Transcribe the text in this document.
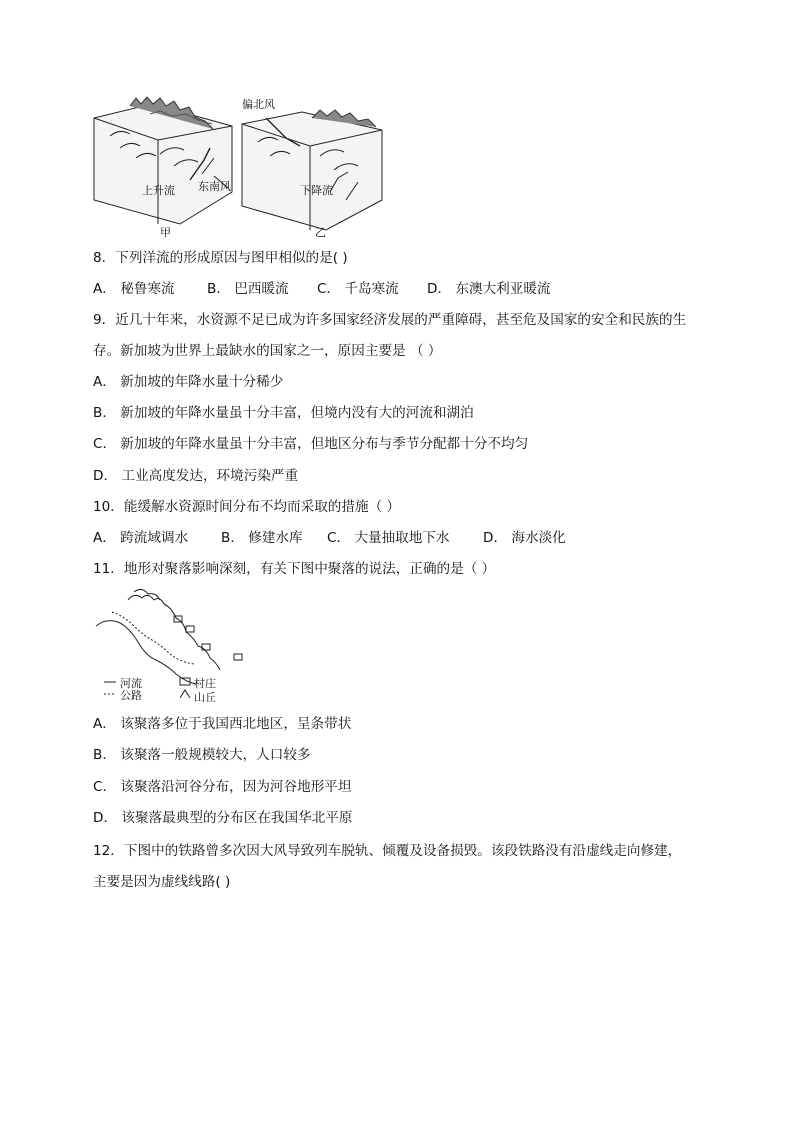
上升流 东南风
甲
偏北风
下降流
乙
8．下列洋流的形成原因与图甲相似的是( )
A． 秘鲁寒流 B． 巴西暖流 C． 千岛寒流 D． 东澳大利亚暖流
9．近几十年来，水资源不足已成为许多国家经济发展的严重障碍，甚至危及国家的安全和民族的生
存。新加坡为世界上最缺水的国家之一，原因主要是 （ ）
A． 新加坡的年降水量十分稀少
B． 新加坡的年降水量虽十分丰富，但境内没有大的河流和湖泊
C． 新加坡的年降水量虽十分丰富，但地区分布与季节分配都十分不均匀
D． 工业高度发达，环境污染严重
10．能缓解水资源时间分布不均而采取的措施（ ）
A． 跨流域调水 B． 修建水库 C． 大量抽取地下水 D． 海水淡化
11．地形对聚落影响深刻，有关下图中聚落的说法，正确的是（ ）
河流
公路
村庄
山丘
A． 该聚落多位于我国西北地区，呈条带状
B． 该聚落一般规模较大，人口较多
C． 该聚落沿河谷分布，因为河谷地形平坦
D． 该聚落最典型的分布区在我国华北平原
12．下图中的铁路曾多次因大风导致列车脱轨、倾覆及设备损毁。该段铁路没有沿虚线走向修建，
主要是因为虚线线路( )
